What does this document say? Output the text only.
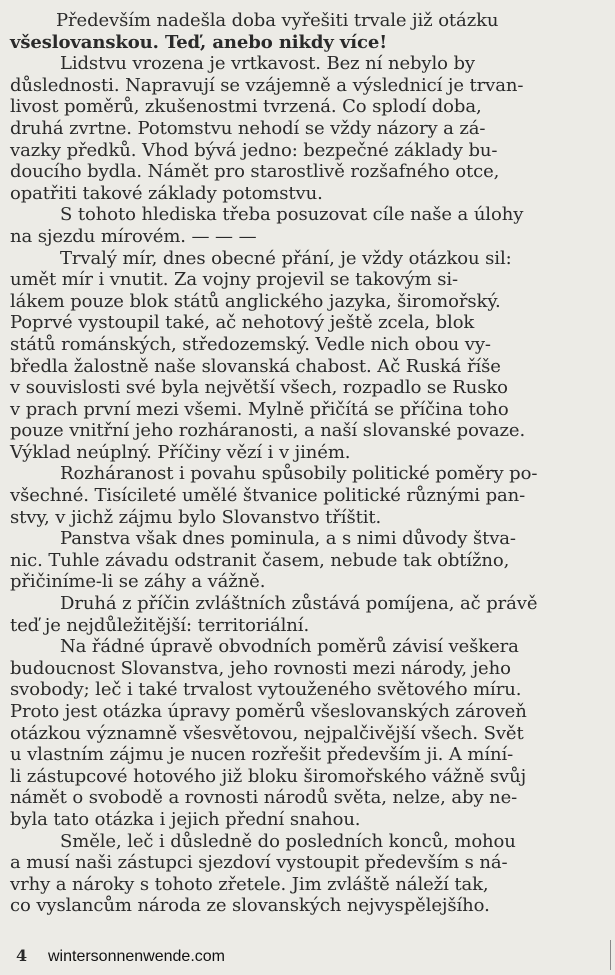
Především nadešla doba vyřešiti trvale již otázku
všeslovanskou. Teď, anebo nikdy více!
Lidstvu vrozena je vrtkavost. Bez ní nebylo by
důslednosti. Napravují se vzájemně a výslednicí je trvan-
livost poměrů, zkušenostmi tvrzená. Co splodí doba,
druhá zvrtne. Potomstvu nehodí se vždy názory a zá-
vazky předků. Vhod bývá jedno: bezpečné základy bu-
doucího bydla. Námět pro starostlivě rozšafného otce,
opatřiti takové základy potomstvu.
S tohoto hlediska třeba posuzovat cíle naše a úlohy
na sjezdu mírovém. — — —
Trvalý mír, dnes obecné přání, je vždy otázkou sil:
umět mír i vnutit. Za vojny projevil se takovým si-
lákem pouze blok států anglického jazyka, širomořský.
Poprvé vystoupil také, ač nehotový ještě zcela, blok
států románských, středozemský. Vedle nich obou vy-
bředla žalostně naše slovanská chabost. Ač Ruská říše
v souvislosti své byla největší všech, rozpadlo se Rusko
v prach první mezi všemi. Mylně přičítá se příčina toho
pouze vnitřní jeho rozháranosti, a naší slovanské povaze.
Výklad neúplný. Příčiny vězí i v jiném.
Rozháranost i povahu spůsobily politické poměry po-
všechné. Tisícileté umělé štvanice politické různými pan-
stvy, v jichž zájmu bylo Slovanstvo tříštit.
Panstva však dnes pominula, a s nimi důvody štva-
nic. Tuhle závadu odstranit časem, nebude tak obtížno,
přičiníme-li se záhy a vážně.
Druhá z příčin zvláštních zůstává pomíjena, ač právě
teď je nejdůležitější: territoriální.
Na řádné úpravě obvodních poměrů závisí veškera
budoucnost Slovanstva, jeho rovnosti mezi národy, jeho
svobody; leč i také trvalost vytouženého světového míru.
Proto jest otázka úpravy poměrů všeslovanských zároveň
otázkou významně všesvětovou, nejpalčivější všech. Svět
u vlastním zájmu je nucen rozřešit především ji. A míní-
li zástupcové hotového již bloku širomořského vážně svůj
námět o svobodě a rovnosti národů světa, nelze, aby ne-
byla tato otázka i jejich přední snahou.
Směle, leč i důsledně do posledních konců, mohou
a musí naši zástupci sjezdoví vystoupit především s ná-
vrhy a nároky s tohoto zřetele. Jim zvláště náleží tak,
co vyslancům národa ze slovanských nejvyspělejšího.
4 wintersonnenwende.com
